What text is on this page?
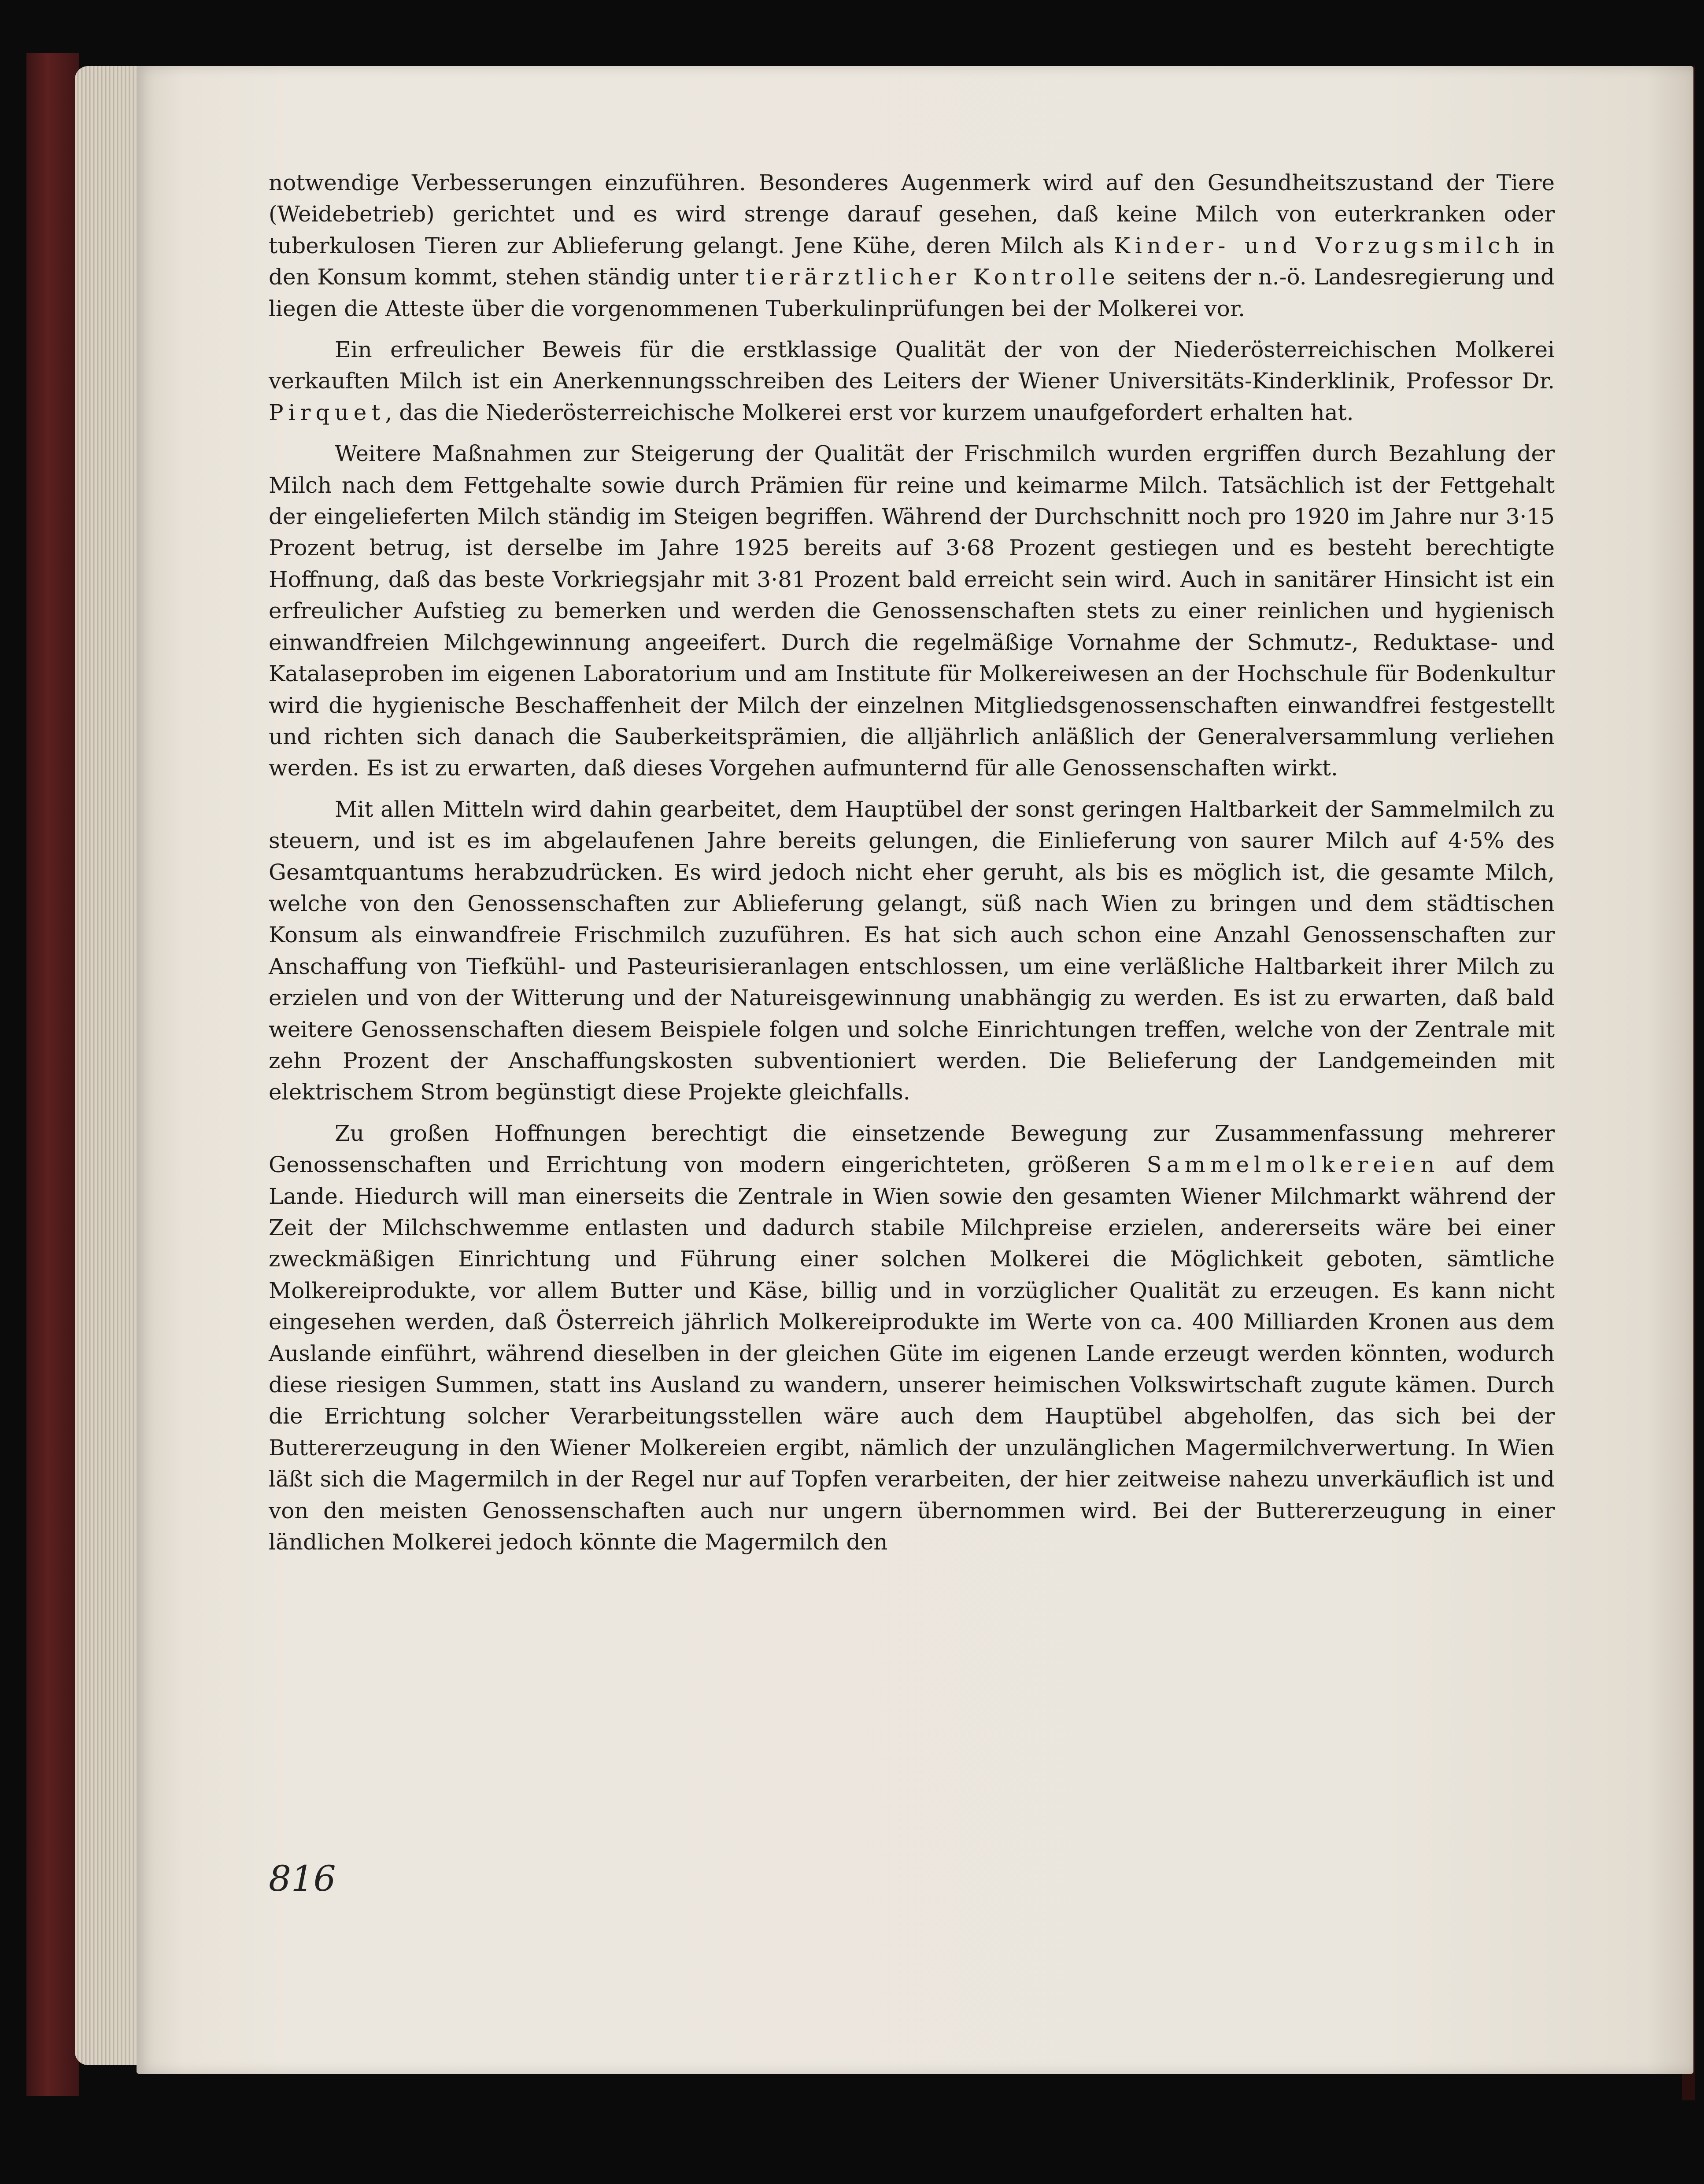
notwendige Verbesserungen einzuführen. Besonderes Augenmerk wird auf den Gesundheitszustand der Tiere (Weidebetrieb) gerichtet und es wird strenge darauf gesehen, daß keine Milch von euterkranken oder tuberkulosen Tieren zur Ablieferung gelangt. Jene Kühe, deren Milch als Kinder- und Vorzugsmilch in den Konsum kommt, stehen ständig unter tierärztlicher Kontrolle seitens der n.-ö. Landesregierung und liegen die Atteste über die vorgenommenen Tuberkulinprüfungen bei der Molkerei vor.

Ein erfreulicher Beweis für die erstklassige Qualität der von der Niederösterreichischen Molkerei verkauften Milch ist ein Anerkennungsschreiben des Leiters der Wiener Universitäts-Kinderklinik, Professor Dr. Pirquet, das die Niederösterreichische Molkerei erst vor kurzem unaufgefordert erhalten hat.

Weitere Maßnahmen zur Steigerung der Qualität der Frischmilch wurden ergriffen durch Bezahlung der Milch nach dem Fettgehalte sowie durch Prämien für reine und keimarme Milch. Tatsächlich ist der Fettgehalt der eingelieferten Milch ständig im Steigen begriffen. Während der Durchschnitt noch pro 1920 im Jahre nur 3·15 Prozent betrug, ist derselbe im Jahre 1925 bereits auf 3·68 Prozent gestiegen und es besteht berechtigte Hoffnung, daß das beste Vorkriegsjahr mit 3·81 Prozent bald erreicht sein wird. Auch in sanitärer Hinsicht ist ein erfreulicher Aufstieg zu bemerken und werden die Genossenschaften stets zu einer reinlichen und hygienisch einwandfreien Milchgewinnung angeeifert. Durch die regelmäßige Vornahme der Schmutz-, Reduktase- und Katalaseproben im eigenen Laboratorium und am Institute für Molkereiwesen an der Hochschule für Bodenkultur wird die hygienische Beschaffenheit der Milch der einzelnen Mitgliedsgenossenschaften einwandfrei festgestellt und richten sich danach die Sauberkeitsprämien, die alljährlich anläßlich der Generalversammlung verliehen werden. Es ist zu erwarten, daß dieses Vorgehen aufmunternd für alle Genossenschaften wirkt.

Mit allen Mitteln wird dahin gearbeitet, dem Hauptübel der sonst geringen Haltbarkeit der Sammelmilch zu steuern, und ist es im abgelaufenen Jahre bereits gelungen, die Einlieferung von saurer Milch auf 4·5% des Gesamtquantums herabzudrücken. Es wird jedoch nicht eher geruht, als bis es möglich ist, die gesamte Milch, welche von den Genossenschaften zur Ablieferung gelangt, süß nach Wien zu bringen und dem städtischen Konsum als einwandfreie Frischmilch zuzuführen. Es hat sich auch schon eine Anzahl Genossenschaften zur Anschaffung von Tiefkühl- und Pasteurisieranlagen entschlossen, um eine verläßliche Haltbarkeit ihrer Milch zu erzielen und von der Witterung und der Natureisgewinnung unabhängig zu werden. Es ist zu erwarten, daß bald weitere Genossenschaften diesem Beispiele folgen und solche Einrichtungen treffen, welche von der Zentrale mit zehn Prozent der Anschaffungskosten subventioniert werden. Die Belieferung der Landgemeinden mit elektrischem Strom begünstigt diese Projekte gleichfalls.

Zu großen Hoffnungen berechtigt die einsetzende Bewegung zur Zusammenfassung mehrerer Genossenschaften und Errichtung von modern eingerichteten, größeren Sammelmolkereien auf dem Lande. Hiedurch will man einerseits die Zentrale in Wien sowie den gesamten Wiener Milchmarkt während der Zeit der Milchschwemme entlasten und dadurch stabile Milchpreise erzielen, andererseits wäre bei einer zweckmäßigen Einrichtung und Führung einer solchen Molkerei die Möglichkeit geboten, sämtliche Molkereiprodukte, vor allem Butter und Käse, billig und in vorzüglicher Qualität zu erzeugen. Es kann nicht eingesehen werden, daß Österreich jährlich Molkereiprodukte im Werte von ca. 400 Milliarden Kronen aus dem Auslande einführt, während dieselben in der gleichen Güte im eigenen Lande erzeugt werden könnten, wodurch diese riesigen Summen, statt ins Ausland zu wandern, unserer heimischen Volkswirtschaft zugute kämen. Durch die Errichtung solcher Verarbeitungsstellen wäre auch dem Hauptübel abgeholfen, das sich bei der Buttererzeugung in den Wiener Molkereien ergibt, nämlich der unzulänglichen Magermilchverwertung. In Wien läßt sich die Magermilch in der Regel nur auf Topfen verarbeiten, der hier zeitweise nahezu unverkäuflich ist und von den meisten Genossenschaften auch nur ungern übernommen wird. Bei der Buttererzeugung in einer ländlichen Molkerei jedoch könnte die Magermilch den

816
